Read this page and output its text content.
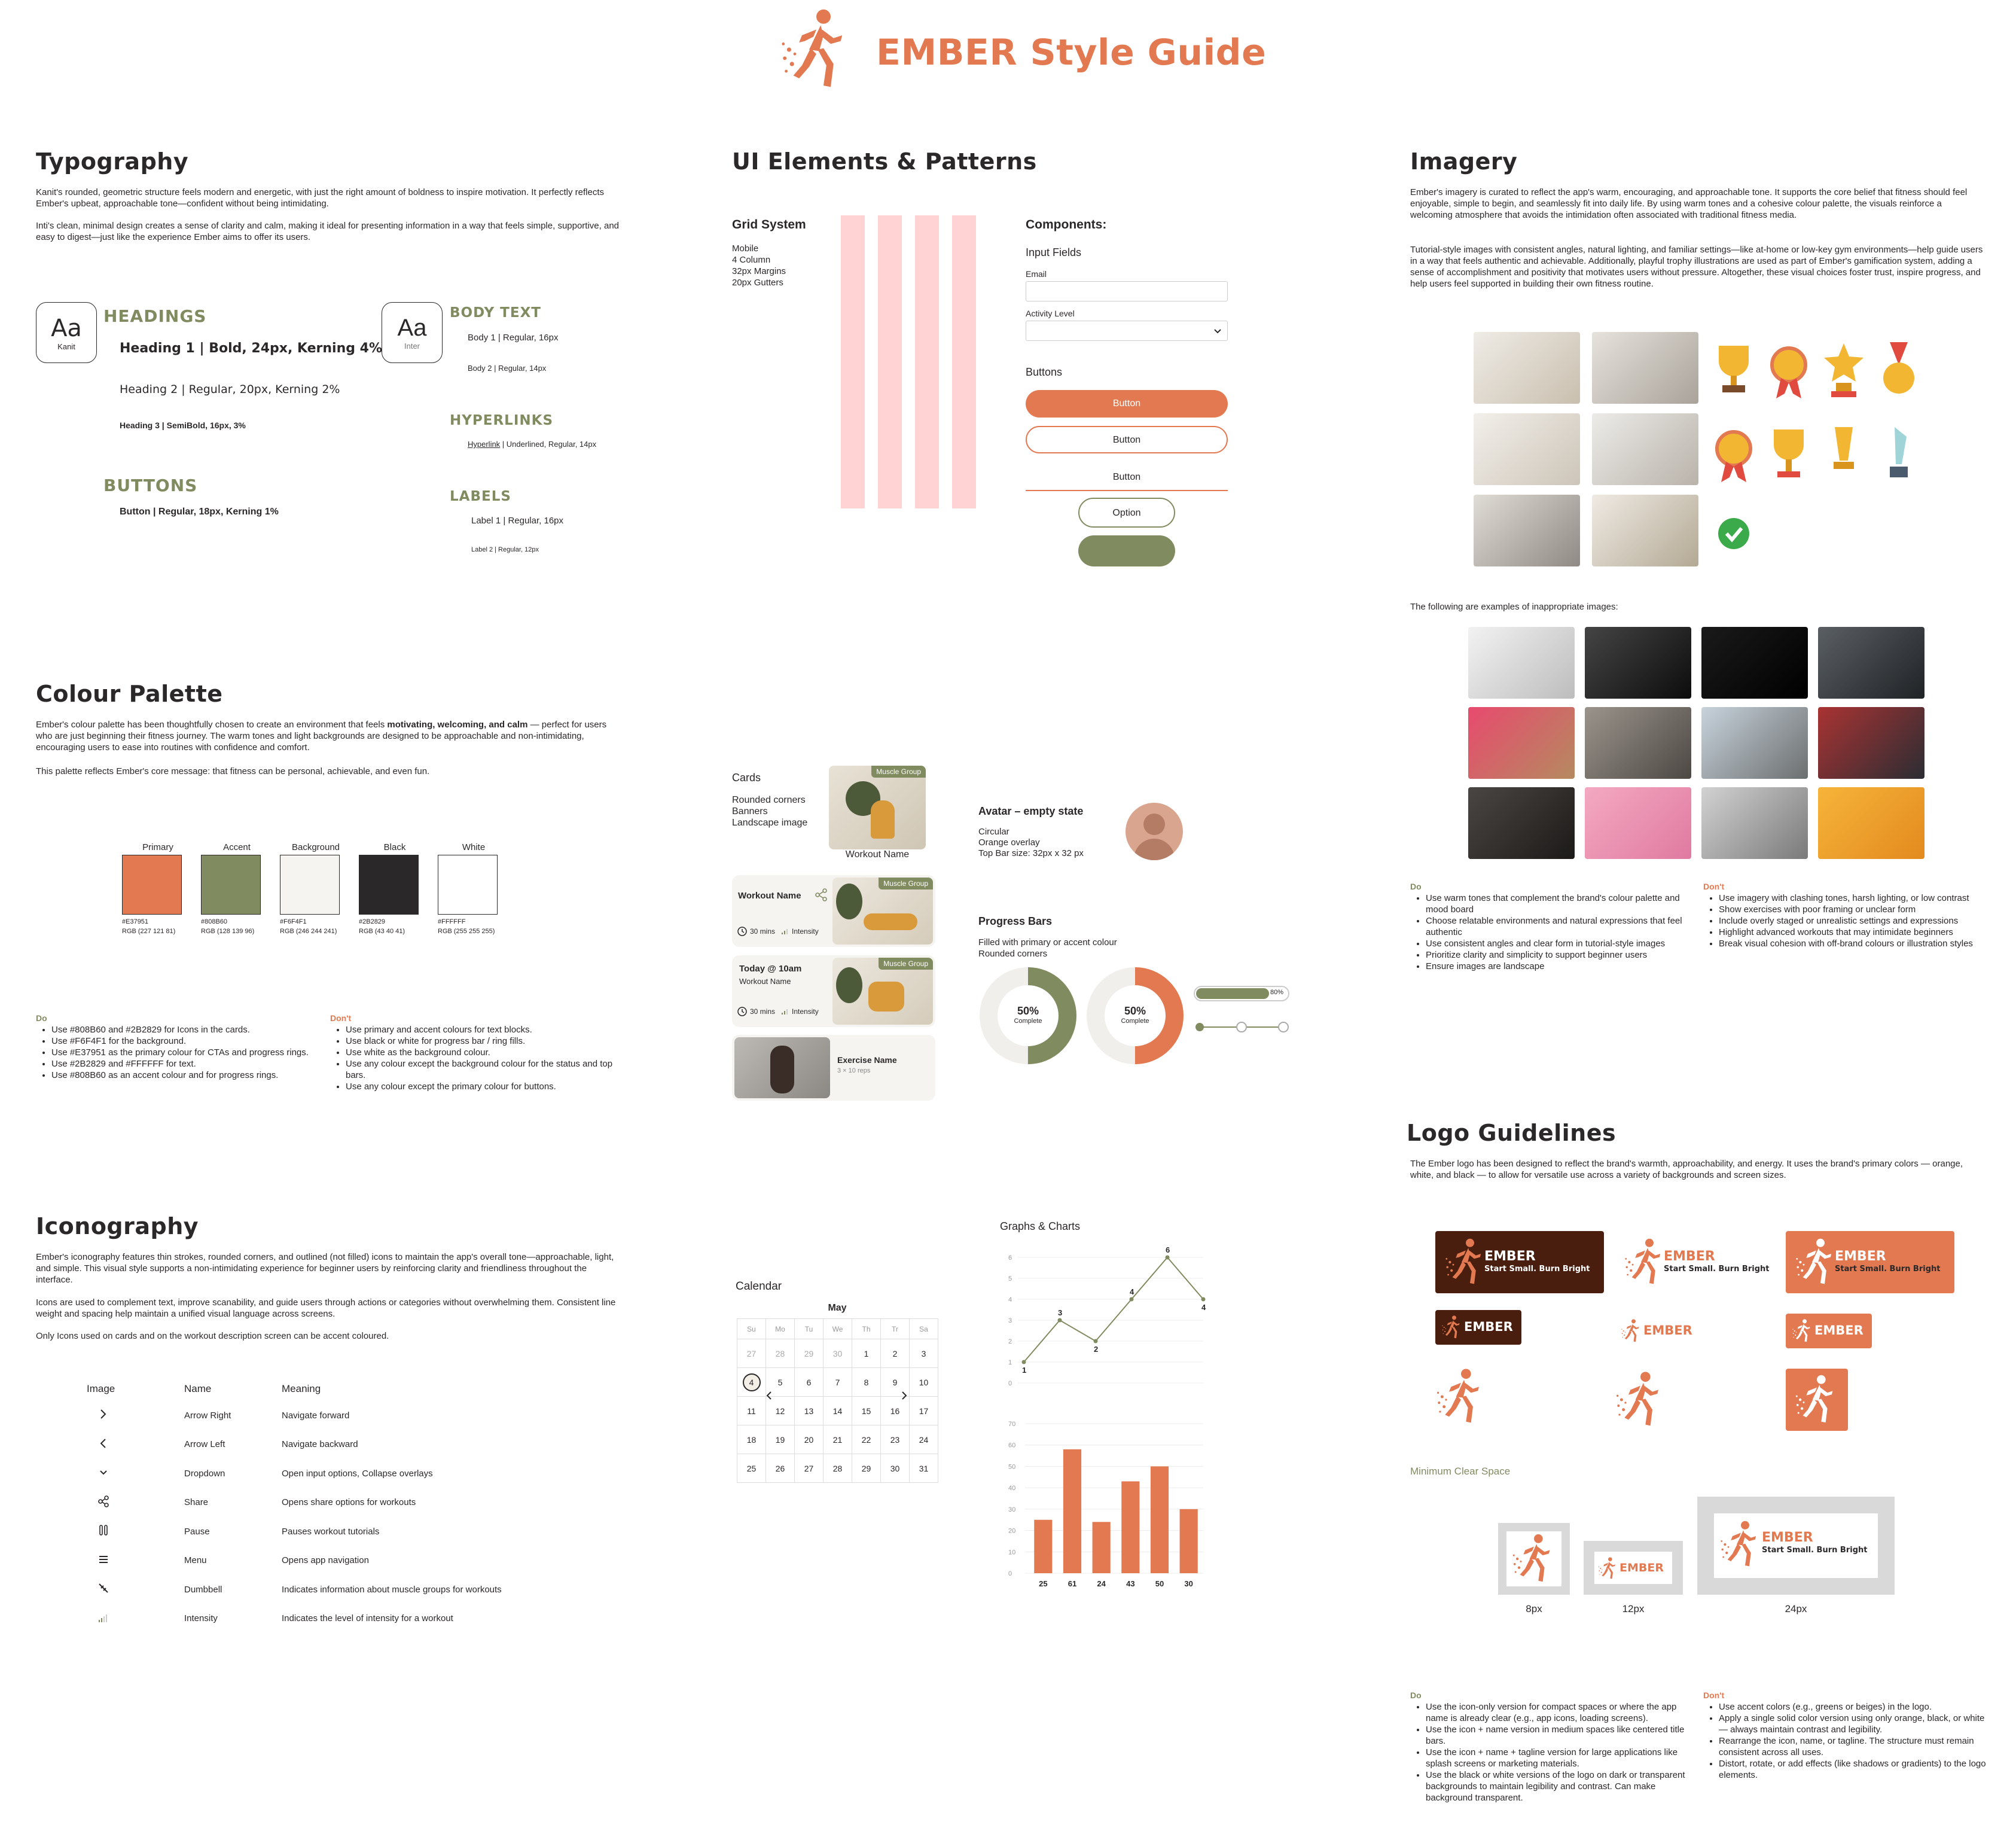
EMBER Style Guide
Typography
Kanit's rounded, geometric structure feels modern and energetic, with just the right amount of boldness to inspire motivation. It perfectly reflects Ember's upbeat, approachable tone—confident without being intimidating.
Inti's clean, minimal design creates a sense of clarity and calm, making it ideal for presenting information in a way that feels simple, supportive, and easy to digest—just like the experience Ember aims to offer its users.
Aa
Kanit
HEADINGS
Heading 1 | Bold, 24px, Kerning 4%
Heading 2 | Regular, 20px, Kerning 2%
Heading 3 | SemiBold, 16px, 3%
BUTTONS
Button | Regular, 18px, Kerning 1%
Aa
Inter
BODY TEXT
Body 1 | Regular, 16px
Body 2 | Regular, 14px
HYPERLINKS
Hyperlink | Underlined, Regular, 14px
LABELS
Label 1 | Regular, 16px
Label 2 | Regular, 12px
Colour Palette
Ember's colour palette has been thoughtfully chosen to create an environment that feels motivating, welcoming, and calm — perfect for users who are just beginning their fitness journey. The warm tones and light backgrounds are designed to be approachable and non-intimidating, encouraging users to ease into routines with confidence and comfort.
This palette reflects Ember's core message: that fitness can be personal, achievable, and even fun.
Primary
#E37951
RGB (227 121 81)
Accent
#808B60
RGB (128 139 96)
Background
#F6F4F1
RGB (246 244 241)
Black
#2B2829
RGB (43 40 41)
White
#FFFFFF
RGB (255 255 255)
Do
• Use #808B60 and #2B2829 for Icons in the cards.
• Use #F6F4F1 for the background.
• Use #E37951 as the primary colour for CTAs and progress rings.
• Use #2B2829 and #FFFFFF for text.
• Use #808B60 as an accent colour and for progress rings.
Don't
• Use primary and accent colours for text blocks.
• Use black or white for progress bar / ring fills.
• Use white as the background colour.
• Use any colour except the background colour for the status and top bars.
• Use any colour except the primary colour for buttons.
Iconography
Ember's iconography features thin strokes, rounded corners, and outlined (not filled) icons to maintain the app's overall tone—approachable, light, and simple. This visual style supports a non-intimidating experience for beginner users by reinforcing clarity and friendliness throughout the interface.
Icons are used to complement text, improve scanability, and guide users through actions or categories without overwhelming them. Consistent line weight and spacing help maintain a unified visual language across screens.
Only Icons used on cards and on the workout description screen can be accent coloured.
Image	Name	Meaning
Arrow Right	Navigate forward
Arrow Left	Navigate backward
Dropdown	Open input options, Collapse overlays
Share	Opens share options for workouts
Pause	Pauses workout tutorials
Menu	Opens app navigation
Dumbbell	Indicates information about muscle groups for workouts
Intensity	Indicates the level of intensity for a workout
UI Elements & Patterns
Grid System
Mobile
4 Column
32px Margins
20px Gutters
Components:
Input Fields
Email
Activity Level
Buttons
Button
Button
Button
Option
Cards
Rounded corners
Banners
Landscape image
Muscle Group
Workout Name
Workout Name
30 mins Intensity
Muscle Group
Today @ 10am
Workout Name
30 mins Intensity
Muscle Group
Exercise Name
3 × 10 reps
Avatar – empty state
Circular
Orange overlay
Top Bar size: 32px x 32 px
Progress Bars
Filled with primary or accent colour
Rounded corners
50%
Complete
50%
Complete
80%
Calendar
May
Su	Mo	Tu	We	Th	Tr	Sa
27	28	29	30	1	2	3
4	5	6	7	8	9	10
11	12	13	14	15	16	17
18	19	20	21	22	23	24
25	26	27	28	29	30	31
Graphs & Charts
0
1
2
3
4
5
6
1
3
2
4
6
4
0
10
20
30
40
50
60
70
25	61	24	43	50	30
Imagery
Ember's imagery is curated to reflect the app's warm, encouraging, and approachable tone. It supports the core belief that fitness should feel enjoyable, simple to begin, and seamlessly fit into daily life. By using warm tones and a cohesive colour palette, the visuals reinforce a welcoming atmosphere that avoids the intimidation often associated with traditional fitness media.
Tutorial-style images with consistent angles, natural lighting, and familiar settings—like at-home or low-key gym environments—help guide users in a way that feels authentic and achievable. Additionally, playful trophy illustrations are used as part of Ember's gamification system, adding a sense of accomplishment and positivity that motivates users without pressure. Altogether, these visual choices foster trust, inspire progress, and help users feel supported in building their own fitness routine.
The following are examples of inappropriate images:
Do
• Use warm tones that complement the brand's colour palette and mood board
• Choose relatable environments and natural expressions that feel authentic
• Use consistent angles and clear form in tutorial-style images
• Prioritize clarity and simplicity to support beginner users
• Ensure images are landscape
Don't
• Use imagery with clashing tones, harsh lighting, or low contrast
• Show exercises with poor framing or unclear form
• Include overly staged or unrealistic settings and expressions
• Highlight advanced workouts that may intimidate beginners
• Break visual cohesion with off-brand colours or illustration styles
Logo Guidelines
The Ember logo has been designed to reflect the brand's warmth, approachability, and energy. It uses the brand's primary colors — orange, white, and black — to allow for versatile use across a variety of backgrounds and screen sizes.
EMBER
Start Small. Burn Bright
EMBER
Start Small. Burn Bright
EMBER
Start Small. Burn Bright
EMBER	EMBER	EMBER
Minimum Clear Space
8px
EMBER
12px
EMBER
Start Small. Burn Bright
24px
Do
• Use the icon-only version for compact spaces or where the app name is already clear (e.g., app icons, loading screens).
• Use the icon + name version in medium spaces like centered title bars.
• Use the icon + name + tagline version for large applications like splash screens or marketing materials.
• Use the black or white versions of the logo on dark or transparent backgrounds to maintain legibility and contrast. Can make background transparent.
Don't
• Use accent colors (e.g., greens or beiges) in the logo.
• Apply a single solid color version using only orange, black, or white — always maintain contrast and legibility.
• Rearrange the icon, name, or tagline. The structure must remain consistent across all uses.
• Distort, rotate, or add effects (like shadows or gradients) to the logo elements.
